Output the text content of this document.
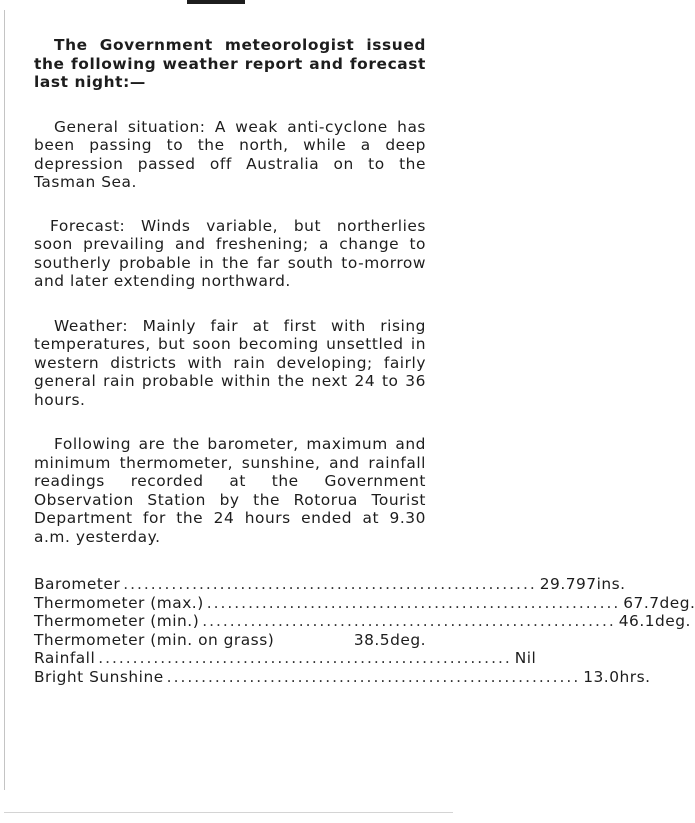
The Government meteorologist issued the following weather report and forecast last night:—

General situation: A weak anti-cyclone has been passing to the north, while a deep depression passed off Australia on to the Tasman Sea.

Forecast: Winds variable, but northerlies soon prevailing and freshening; a change to southerly probable in the far south to-morrow and later extending northward.

Weather: Mainly fair at first with rising temperatures, but soon becoming unsettled in western districts with rain developing; fairly general rain probable within the next 24 to 36 hours.

Following are the barometer, maximum and minimum thermometer, sunshine, and rainfall readings recorded at the Government Observation Station by the Rotorua Tourist Department for the 24 hours ended at 9.30 a.m. yesterday.

Barometer ............................................................ 29.797ins.
Thermometer (max.) ............................................................ 67.7deg.
Thermometer (min.) ............................................................ 46.1deg.
Thermometer (min. on grass)	38.5deg.
Rainfall ............................................................ Nil
Bright Sunshine ............................................................ 13.0hrs.
